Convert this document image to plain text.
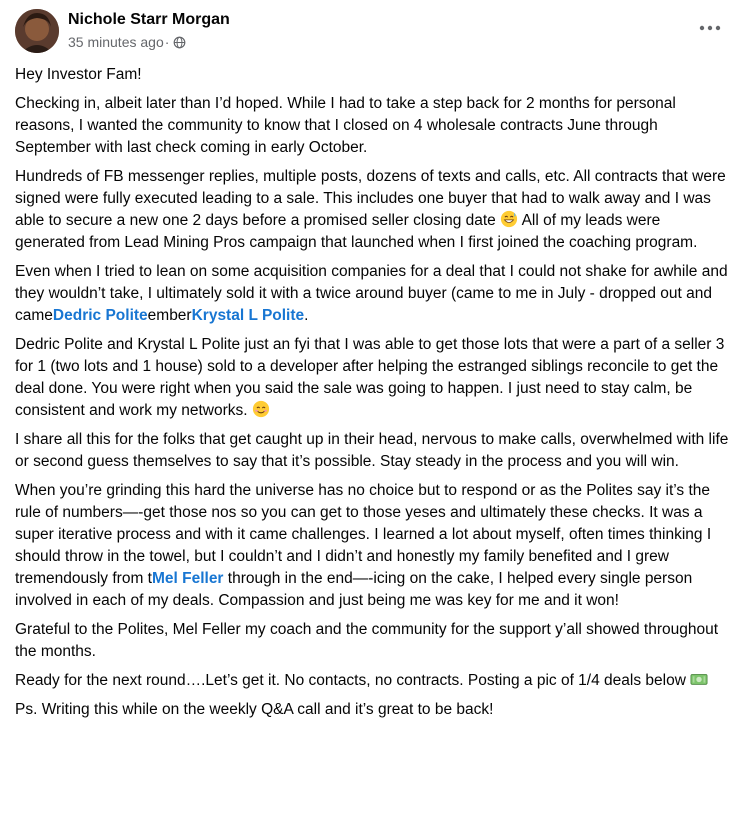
Nichole Starr Morgan
35 minutes ago ·

Hey Investor Fam!

Checking in, albeit later than I’d hoped. While I had to take a step back for 2 months for personal reasons, I wanted the community to know that I closed on 4 wholesale contracts June through September with last check coming in early October.

Hundreds of FB messenger replies, multiple posts, dozens of texts and calls, etc. All contracts that were signed were fully executed leading to a sale. This includes one buyer that had to walk away and I was able to secure a new one 2 days before a promised seller closing date All of my leads were generated from Lead Mining Pros campaign that launched when I first joined the coaching program.

Even when I tried to lean on some acquisition companies for a deal that I could not shake for awhile and they wouldn’t take, I ultimately sold it with a twice around buyer (came to me in July - dropped out and cameDedric PoliteemberKrystal L Polite.

Dedric Polite and Krystal L Polite just an fyi that I was able to get those lots that were a part of a seller 3 for 1 (two lots and 1 house) sold to a developer after helping the estranged siblings reconcile to get the deal done. You were right when you said the sale was going to happen. I just need to stay calm, be consistent and work my networks.

I share all this for the folks that get caught up in their head, nervous to make calls, overwhelmed with life or second guess themselves to say that it’s possible. Stay steady in the process and you will win.

When you’re grinding this hard the universe has no choice but to respond or as the Polites say it’s the rule of numbers—-get those nos so you can get to those yeses and ultimately these checks. It was a super iterative process and with it came challenges. I learned a lot about myself, often times thinking I should throw in the towel, but I couldn’t and I didn’t and honestly my family benefited and I grew tremendously from tMel Feller through in the end—-icing on the cake, I helped every single person involved in each of my deals. Compassion and just being me was key for me and it won!

Grateful to the Polites, Mel Feller my coach and the community for the support y’all showed throughout the months.

Ready for the next round….Let’s get it. No contacts, no contracts. Posting a pic of 1/4 deals below

Ps. Writing this while on the weekly Q&A call and it’s great to be back!
